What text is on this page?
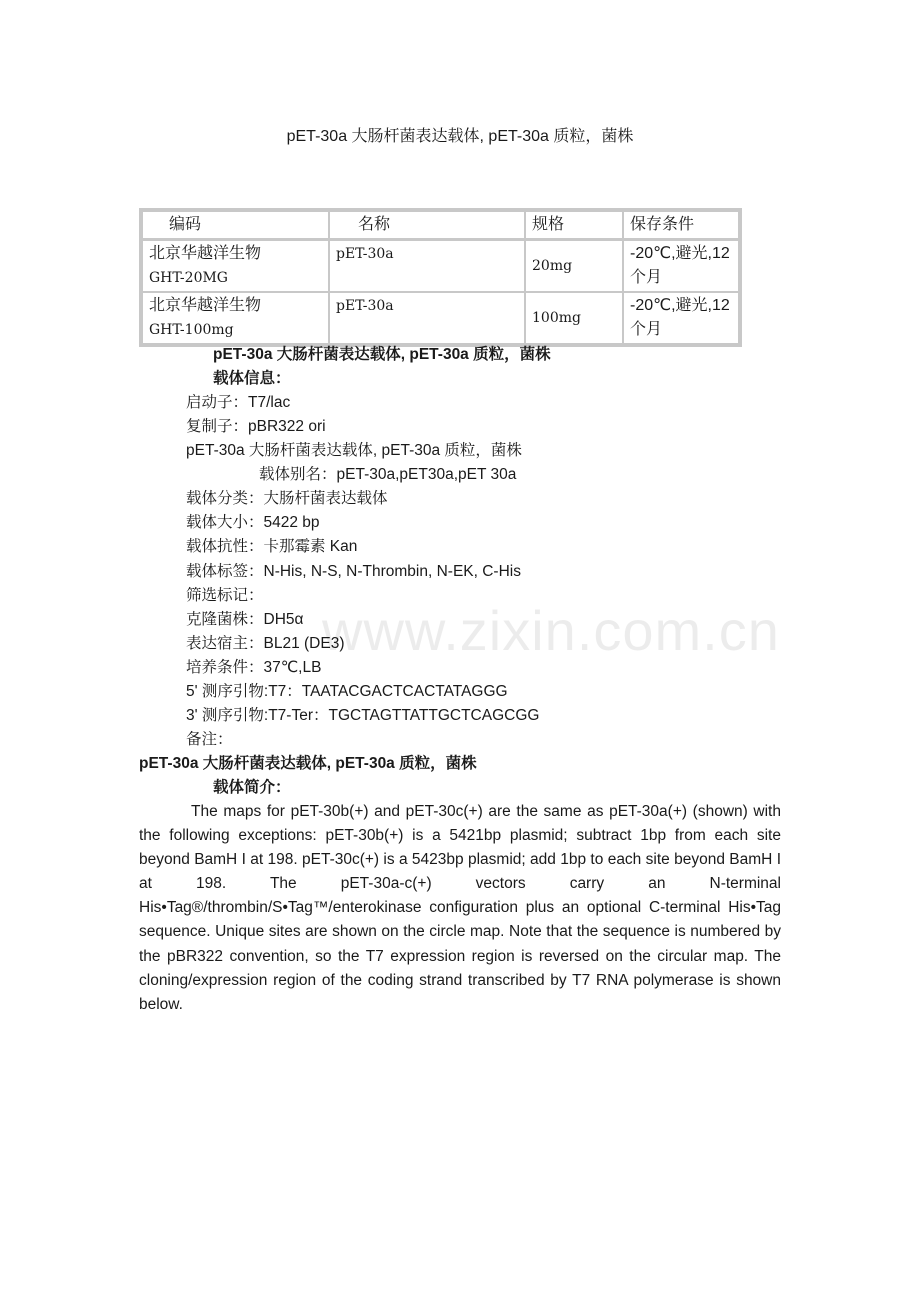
pET-30a 大肠杆菌表达载体, pET-30a 质粒，菌株
编码	名称	规格	保存条件

北京华越洋生物
GHT-20MG	pET-30a	20mg	-20℃,避光,12 个月

北京华越洋生物
GHT-100mg	pET-30a	100mg	-20℃,避光,12 个月
pET-30a 大肠杆菌表达载体, pET-30a 质粒，菌株
载体信息：
启动子：T7/lac
复制子：pBR322 ori
pET-30a 大肠杆菌表达载体, pET-30a 质粒，菌株
载体别名：pET-30a,pET30a,pET 30a
载体分类：大肠杆菌表达载体
载体大小：5422 bp
载体抗性：卡那霉素 Kan
载体标签：N-His, N-S, N-Thrombin, N-EK, C-His
筛选标记：
克隆菌株：DH5α
表达宿主：BL21 (DE3)
培养条件：37℃,LB
5' 测序引物:T7：TAATACGACTCACTATAGGG
3' 测序引物:T7-Ter：TGCTAGTTATTGCTCAGCGG
备注：
pET-30a 大肠杆菌表达载体, pET-30a 质粒，菌株
载体简介：
The maps for pET-30b(+) and pET-30c(+) are the same as pET-30a(+) (shown) with the following exceptions: pET-30b(+) is a 5421bp plasmid; subtract 1bp from each site beyond BamH I at 198. pET-30c(+) is a 5423bp plasmid; add 1bp to each site beyond BamH I at 198. The pET-30a-c(+) vectors carry an N-terminal His•Tag®/thrombin/S•Tag™/enterokinase configuration plus an optional C-terminal His•Tag sequence. Unique sites are shown on the circle map. Note that the sequence is numbered by the pBR322 convention, so the T7 expression region is reversed on the circular map. The cloning/expression region of the coding strand transcribed by T7 RNA polymerase is shown below.
www.zixin.com.cn
